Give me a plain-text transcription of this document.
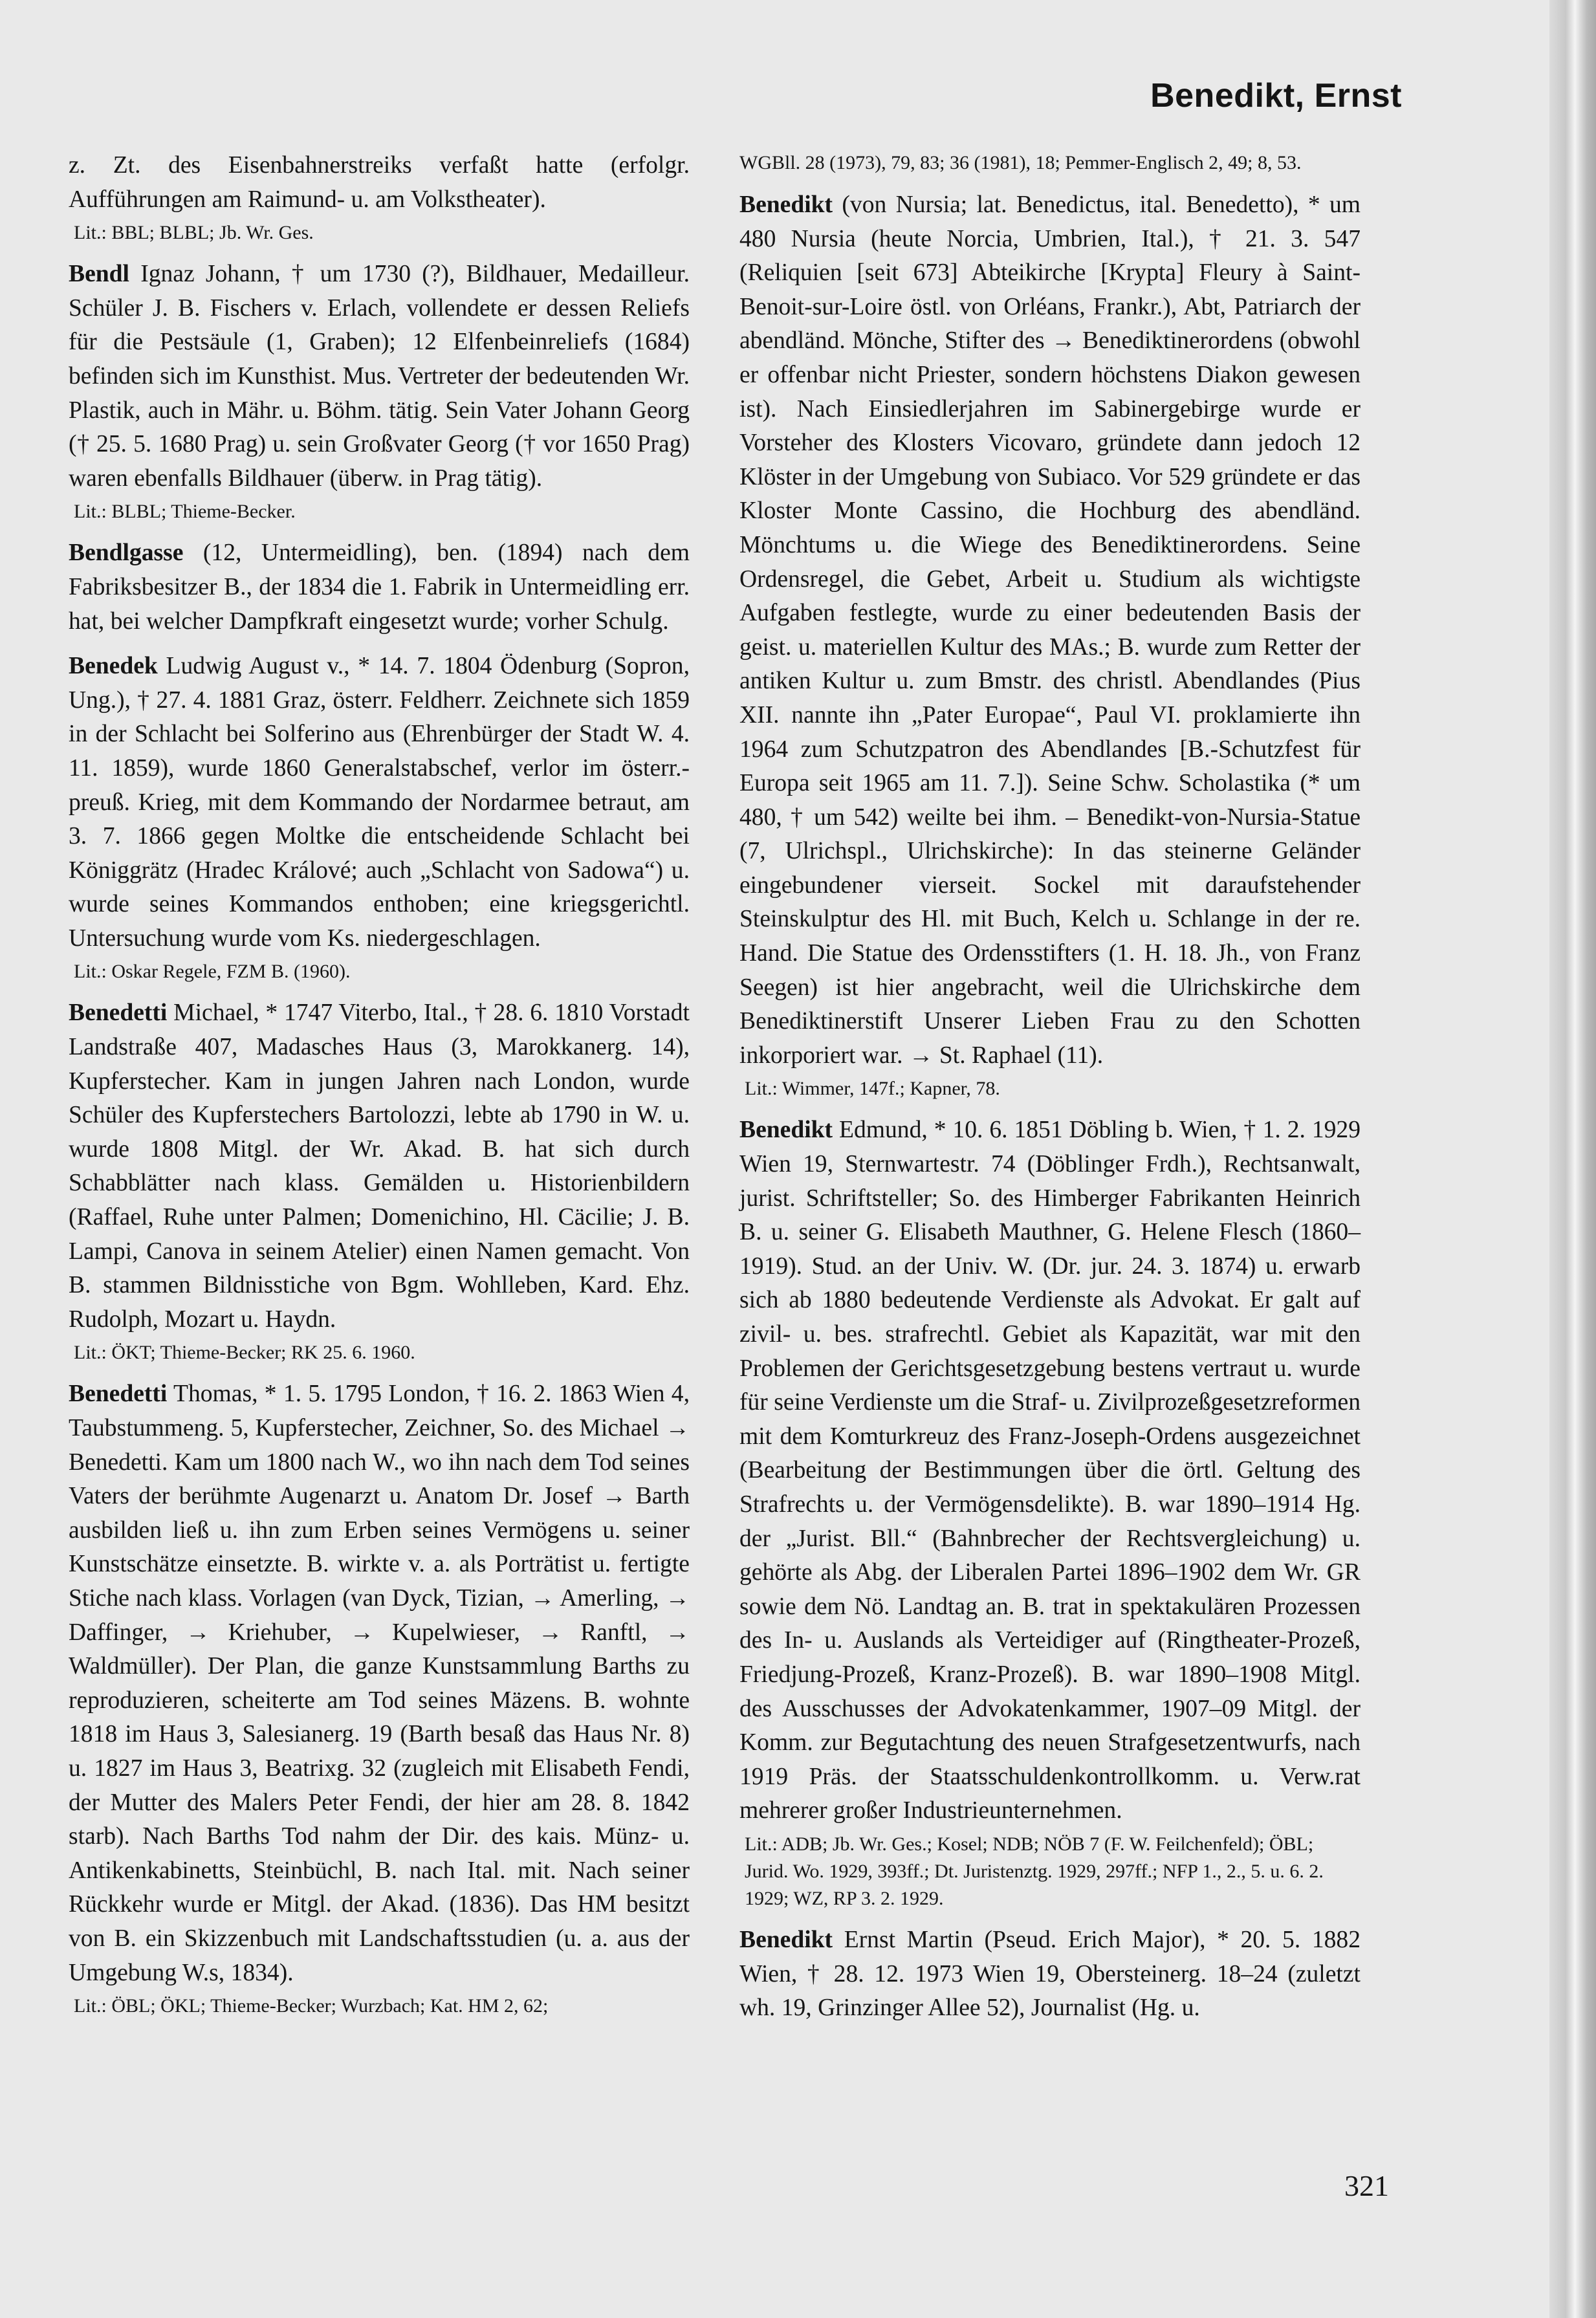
Benedikt, Ernst

z. Zt. des Eisenbahnerstreiks verfaßt hatte (erfolgr. Aufführungen am Raimund- u. am Volkstheater).

Lit.: BBL; BLBL; Jb. Wr. Ges.

Bendl Ignaz Johann, † um 1730 (?), Bildhauer, Medailleur. Schüler J. B. Fischers v. Erlach, vollendete er dessen Reliefs für die Pestsäule (1, Graben); 12 Elfenbeinreliefs (1684) befinden sich im Kunsthist. Mus. Vertreter der bedeutenden Wr. Plastik, auch in Mähr. u. Böhm. tätig. Sein Vater Johann Georg († 25. 5. 1680 Prag) u. sein Großvater Georg († vor 1650 Prag) waren ebenfalls Bildhauer (überw. in Prag tätig).

Lit.: BLBL; Thieme-Becker.

Bendlgasse (12, Untermeidling), ben. (1894) nach dem Fabriksbesitzer B., der 1834 die 1. Fabrik in Untermeidling err. hat, bei welcher Dampfkraft eingesetzt wurde; vorher Schulg.

Benedek Ludwig August v., * 14. 7. 1804 Ödenburg (Sopron, Ung.), † 27. 4. 1881 Graz, österr. Feldherr. Zeichnete sich 1859 in der Schlacht bei Solferino aus (Ehrenbürger der Stadt W. 4. 11. 1859), wurde 1860 Generalstabschef, verlor im österr.-preuß. Krieg, mit dem Kommando der Nordarmee betraut, am 3. 7. 1866 gegen Moltke die entscheidende Schlacht bei Königgrätz (Hradec Králové; auch „Schlacht von Sadowa“) u. wurde seines Kommandos enthoben; eine kriegsgerichtl. Untersuchung wurde vom Ks. niedergeschlagen.

Lit.: Oskar Regele, FZM B. (1960).

Benedetti Michael, * 1747 Viterbo, Ital., † 28. 6. 1810 Vorstadt Landstraße 407, Madasches Haus (3, Marokkanerg. 14), Kupferstecher. Kam in jungen Jahren nach London, wurde Schüler des Kupferstechers Bartolozzi, lebte ab 1790 in W. u. wurde 1808 Mitgl. der Wr. Akad. B. hat sich durch Schabblätter nach klass. Gemälden u. Historienbildern (Raffael, Ruhe unter Palmen; Domenichino, Hl. Cäcilie; J. B. Lampi, Canova in seinem Atelier) einen Namen gemacht. Von B. stammen Bildnisstiche von Bgm. Wohlleben, Kard. Ehz. Rudolph, Mozart u. Haydn.

Lit.: ÖKT; Thieme-Becker; RK 25. 6. 1960.

Benedetti Thomas, * 1. 5. 1795 London, † 16. 2. 1863 Wien 4, Taubstummeng. 5, Kupferstecher, Zeichner, So. des Michael → Benedetti. Kam um 1800 nach W., wo ihn nach dem Tod seines Vaters der berühmte Augenarzt u. Anatom Dr. Josef → Barth ausbilden ließ u. ihn zum Erben seines Vermögens u. seiner Kunstschätze einsetzte. B. wirkte v. a. als Porträtist u. fertigte Stiche nach klass. Vorlagen (van Dyck, Tizian, → Amerling, → Daffinger, → Kriehuber, → Kupelwieser, → Ranftl, → Waldmüller). Der Plan, die ganze Kunstsammlung Barths zu reproduzieren, scheiterte am Tod seines Mäzens. B. wohnte 1818 im Haus 3, Salesianerg. 19 (Barth besaß das Haus Nr. 8) u. 1827 im Haus 3, Beatrixg. 32 (zugleich mit Elisabeth Fendi, der Mutter des Malers Peter Fendi, der hier am 28. 8. 1842 starb). Nach Barths Tod nahm der Dir. des kais. Münz- u. Antikenkabinetts, Steinbüchl, B. nach Ital. mit. Nach seiner Rückkehr wurde er Mitgl. der Akad. (1836). Das HM besitzt von B. ein Skizzenbuch mit Landschaftsstudien (u. a. aus der Umgebung W.s, 1834).

Lit.: ÖBL; ÖKL; Thieme-Becker; Wurzbach; Kat. HM 2, 62;
WGBll. 28 (1973), 79, 83; 36 (1981), 18; Pemmer-Englisch 2, 49; 8, 53.

Benedikt (von Nursia; lat. Benedictus, ital. Benedetto), * um 480 Nursia (heute Norcia, Umbrien, Ital.), † 21. 3. 547 (Reliquien [seit 673] Abteikirche [Krypta] Fleury à Saint-Benoit-sur-Loire östl. von Orléans, Frankr.), Abt, Patriarch der abendländ. Mönche, Stifter des → Benediktinerordens (obwohl er offenbar nicht Priester, sondern höchstens Diakon gewesen ist). Nach Einsiedlerjahren im Sabinergebirge wurde er Vorsteher des Klosters Vicovaro, gründete dann jedoch 12 Klöster in der Umgebung von Subiaco. Vor 529 gründete er das Kloster Monte Cassino, die Hochburg des abendländ. Mönchtums u. die Wiege des Benediktinerordens. Seine Ordensregel, die Gebet, Arbeit u. Studium als wichtigste Aufgaben festlegte, wurde zu einer bedeutenden Basis der geist. u. materiellen Kultur des MAs.; B. wurde zum Retter der antiken Kultur u. zum Bmstr. des christl. Abendlandes (Pius XII. nannte ihn „Pater Europae“, Paul VI. proklamierte ihn 1964 zum Schutzpatron des Abendlandes [B.-Schutzfest für Europa seit 1965 am 11. 7.]). Seine Schw. Scholastika (* um 480, † um 542) weilte bei ihm. – Benedikt-von-Nursia-Statue (7, Ulrichspl., Ulrichskirche): In das steinerne Geländer eingebundener vierseit. Sockel mit daraufstehender Steinskulptur des Hl. mit Buch, Kelch u. Schlange in der re. Hand. Die Statue des Ordensstifters (1. H. 18. Jh., von Franz Seegen) ist hier angebracht, weil die Ulrichskirche dem Benediktinerstift Unserer Lieben Frau zu den Schotten inkorporiert war. → St. Raphael (11).

Lit.: Wimmer, 147f.; Kapner, 78.

Benedikt Edmund, * 10. 6. 1851 Döbling b. Wien, † 1. 2. 1929 Wien 19, Sternwartestr. 74 (Döblinger Frdh.), Rechtsanwalt, jurist. Schriftsteller; So. des Himberger Fabrikanten Heinrich B. u. seiner G. Elisabeth Mauthner, G. Helene Flesch (1860–1919). Stud. an der Univ. W. (Dr. jur. 24. 3. 1874) u. erwarb sich ab 1880 bedeutende Verdienste als Advokat. Er galt auf zivil- u. bes. strafrechtl. Gebiet als Kapazität, war mit den Problemen der Gerichtsgesetzgebung bestens vertraut u. wurde für seine Verdienste um die Straf- u. Zivilprozeßgesetzreformen mit dem Komturkreuz des Franz-Joseph-Ordens ausgezeichnet (Bearbeitung der Bestimmungen über die örtl. Geltung des Strafrechts u. der Vermögensdelikte). B. war 1890–1914 Hg. der „Jurist. Bll.“ (Bahnbrecher der Rechtsvergleichung) u. gehörte als Abg. der Liberalen Partei 1896–1902 dem Wr. GR sowie dem Nö. Landtag an. B. trat in spektakulären Prozessen des In- u. Auslands als Verteidiger auf (Ringtheater-Prozeß, Friedjung-Prozeß, Kranz-Prozeß). B. war 1890–1908 Mitgl. des Ausschusses der Advokatenkammer, 1907–09 Mitgl. der Komm. zur Begutachtung des neuen Strafgesetzentwurfs, nach 1919 Präs. der Staatsschuldenkontrollkomm. u. Verw.rat mehrerer großer Industrieunternehmen.

Lit.: ADB; Jb. Wr. Ges.; Kosel; NDB; NÖB 7 (F. W. Feilchenfeld); ÖBL; Jurid. Wo. 1929, 393ff.; Dt. Juristenztg. 1929, 297ff.; NFP 1., 2., 5. u. 6. 2. 1929; WZ, RP 3. 2. 1929.

Benedikt Ernst Martin (Pseud. Erich Major), * 20. 5. 1882 Wien, † 28. 12. 1973 Wien 19, Obersteinerg. 18–24 (zuletzt wh. 19, Grinzinger Allee 52), Journalist (Hg. u.

321
